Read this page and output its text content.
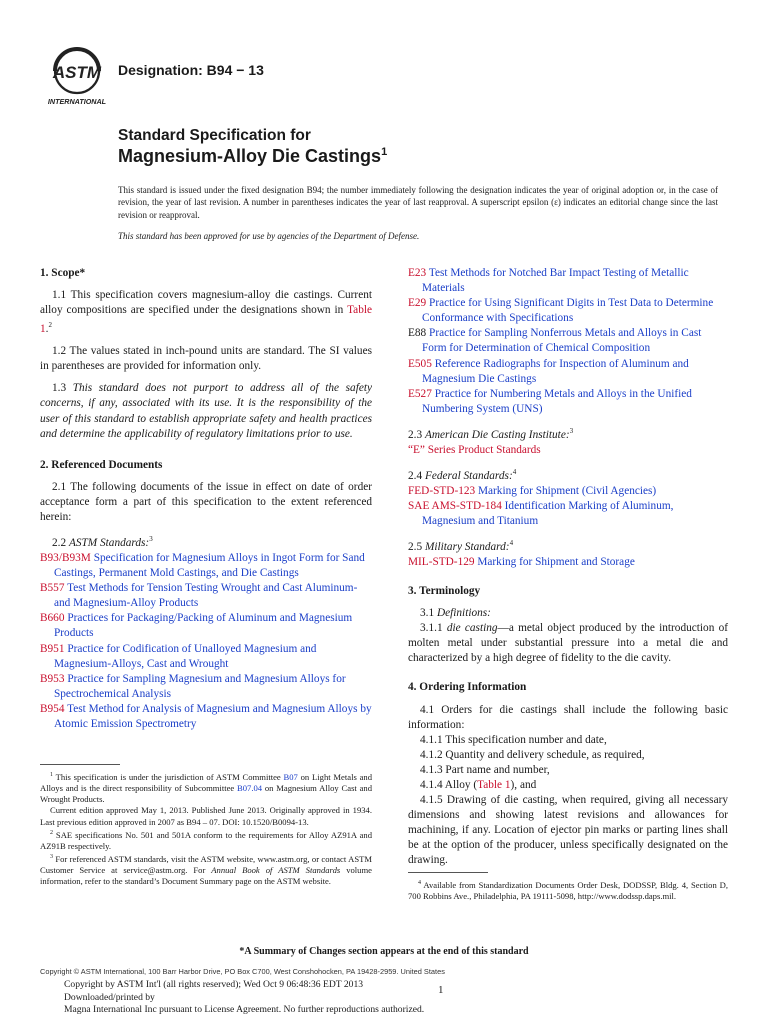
ASTM
INTERNATIONAL
Designation: B94 − 13
Standard Specification for
Magnesium-Alloy Die Castings$^1$
This standard is issued under the fixed designation B94; the number immediately following the designation indicates the year of original adoption or, in the case of revision, the year of last revision. A number in parentheses indicates the year of last reapproval. A superscript epsilon (ε) indicates an editorial change since the last revision or reapproval.
This standard has been approved for use by agencies of the Department of Defense.
1. Scope*
1.1 This specification covers magnesium-alloy die castings. Current alloy compositions are specified under the designations shown in Table 1.$^2$
1.2 The values stated in inch-pound units are standard. The SI values in parentheses are provided for information only.
1.3 This standard does not purport to address all of the safety concerns, if any, associated with its use. It is the responsibility of the user of this standard to establish appropriate safety and health practices and determine the applicability of regulatory limitations prior to use.
2. Referenced Documents
2.1 The following documents of the issue in effect on date of order acceptance form a part of this specification to the extent referenced herein:
2.2 ASTM Standards:$^3$
B93/B93M Specification for Magnesium Alloys in Ingot Form for Sand Castings, Permanent Mold Castings, and Die Castings
B557 Test Methods for Tension Testing Wrought and Cast Aluminum- and Magnesium-Alloy Products
B660 Practices for Packaging/Packing of Aluminum and Magnesium Products
B951 Practice for Codification of Unalloyed Magnesium and Magnesium-Alloys, Cast and Wrought
B953 Practice for Sampling Magnesium and Magnesium Alloys for Spectrochemical Analysis
B954 Test Method for Analysis of Magnesium and Magnesium Alloys by Atomic Emission Spectrometry
E23 Test Methods for Notched Bar Impact Testing of Metallic Materials
E29 Practice for Using Significant Digits in Test Data to Determine Conformance with Specifications
E88 Practice for Sampling Nonferrous Metals and Alloys in Cast Form for Determination of Chemical Composition
E505 Reference Radiographs for Inspection of Aluminum and Magnesium Die Castings
E527 Practice for Numbering Metals and Alloys in the Unified Numbering System (UNS)
2.3 American Die Casting Institute:$^3$
“E” Series Product Standards
2.4 Federal Standards:$^4$
FED-STD-123 Marking for Shipment (Civil Agencies)
SAE AMS-STD-184 Identification Marking of Aluminum, Magnesium and Titanium
2.5 Military Standard:$^4$
MIL-STD-129 Marking for Shipment and Storage
3. Terminology
3.1 Definitions:
3.1.1 die casting—a metal object produced by the introduction of molten metal under substantial pressure into a metal die and characterized by a high degree of fidelity to the die cavity.
4. Ordering Information
4.1 Orders for die castings shall include the following basic information:
4.1.1 This specification number and date,
4.1.2 Quantity and delivery schedule, as required,
4.1.3 Part name and number,
4.1.4 Alloy (Table 1), and
4.1.5 Drawing of die casting, when required, giving all necessary dimensions and showing latest revisions and allowances for machining, if any. Location of ejector pin marks or parting lines shall be at the option of the producer, unless specifically designated on the drawing.
$^1$ This specification is under the jurisdiction of ASTM Committee B07 on Light Metals and Alloys and is the direct responsibility of Subcommittee B07.04 on Magnesium Alloy Cast and Wrought Products.
Current edition approved May 1, 2013. Published June 2013. Originally approved in 1934. Last previous edition approved in 2007 as B94 – 07. DOI: 10.1520/B0094-13.
$^2$ SAE specifications No. 501 and 501A conform to the requirements for Alloy AZ91A and AZ91B respectively.
$^3$ For referenced ASTM standards, visit the ASTM website, www.astm.org, or contact ASTM Customer Service at service@astm.org. For Annual Book of ASTM Standards volume information, refer to the standard’s Document Summary page on the ASTM website.	$^4$ Available from Standardization Documents Order Desk, DODSSP, Bldg. 4, Section D, 700 Robbins Ave., Philadelphia, PA 19111-5098, http://www.dodssp.daps.mil.
*A Summary of Changes section appears at the end of this standard
Copyright © ASTM International, 100 Barr Harbor Drive, PO Box C700, West Conshohocken, PA 19428-2959. United States
Copyright by ASTM Int'l (all rights reserved); Wed Oct 9 06:48:36 EDT 2013
Downloaded/printed by
Magna International Inc pursuant to License Agreement. No further reproductions authorized.
1
